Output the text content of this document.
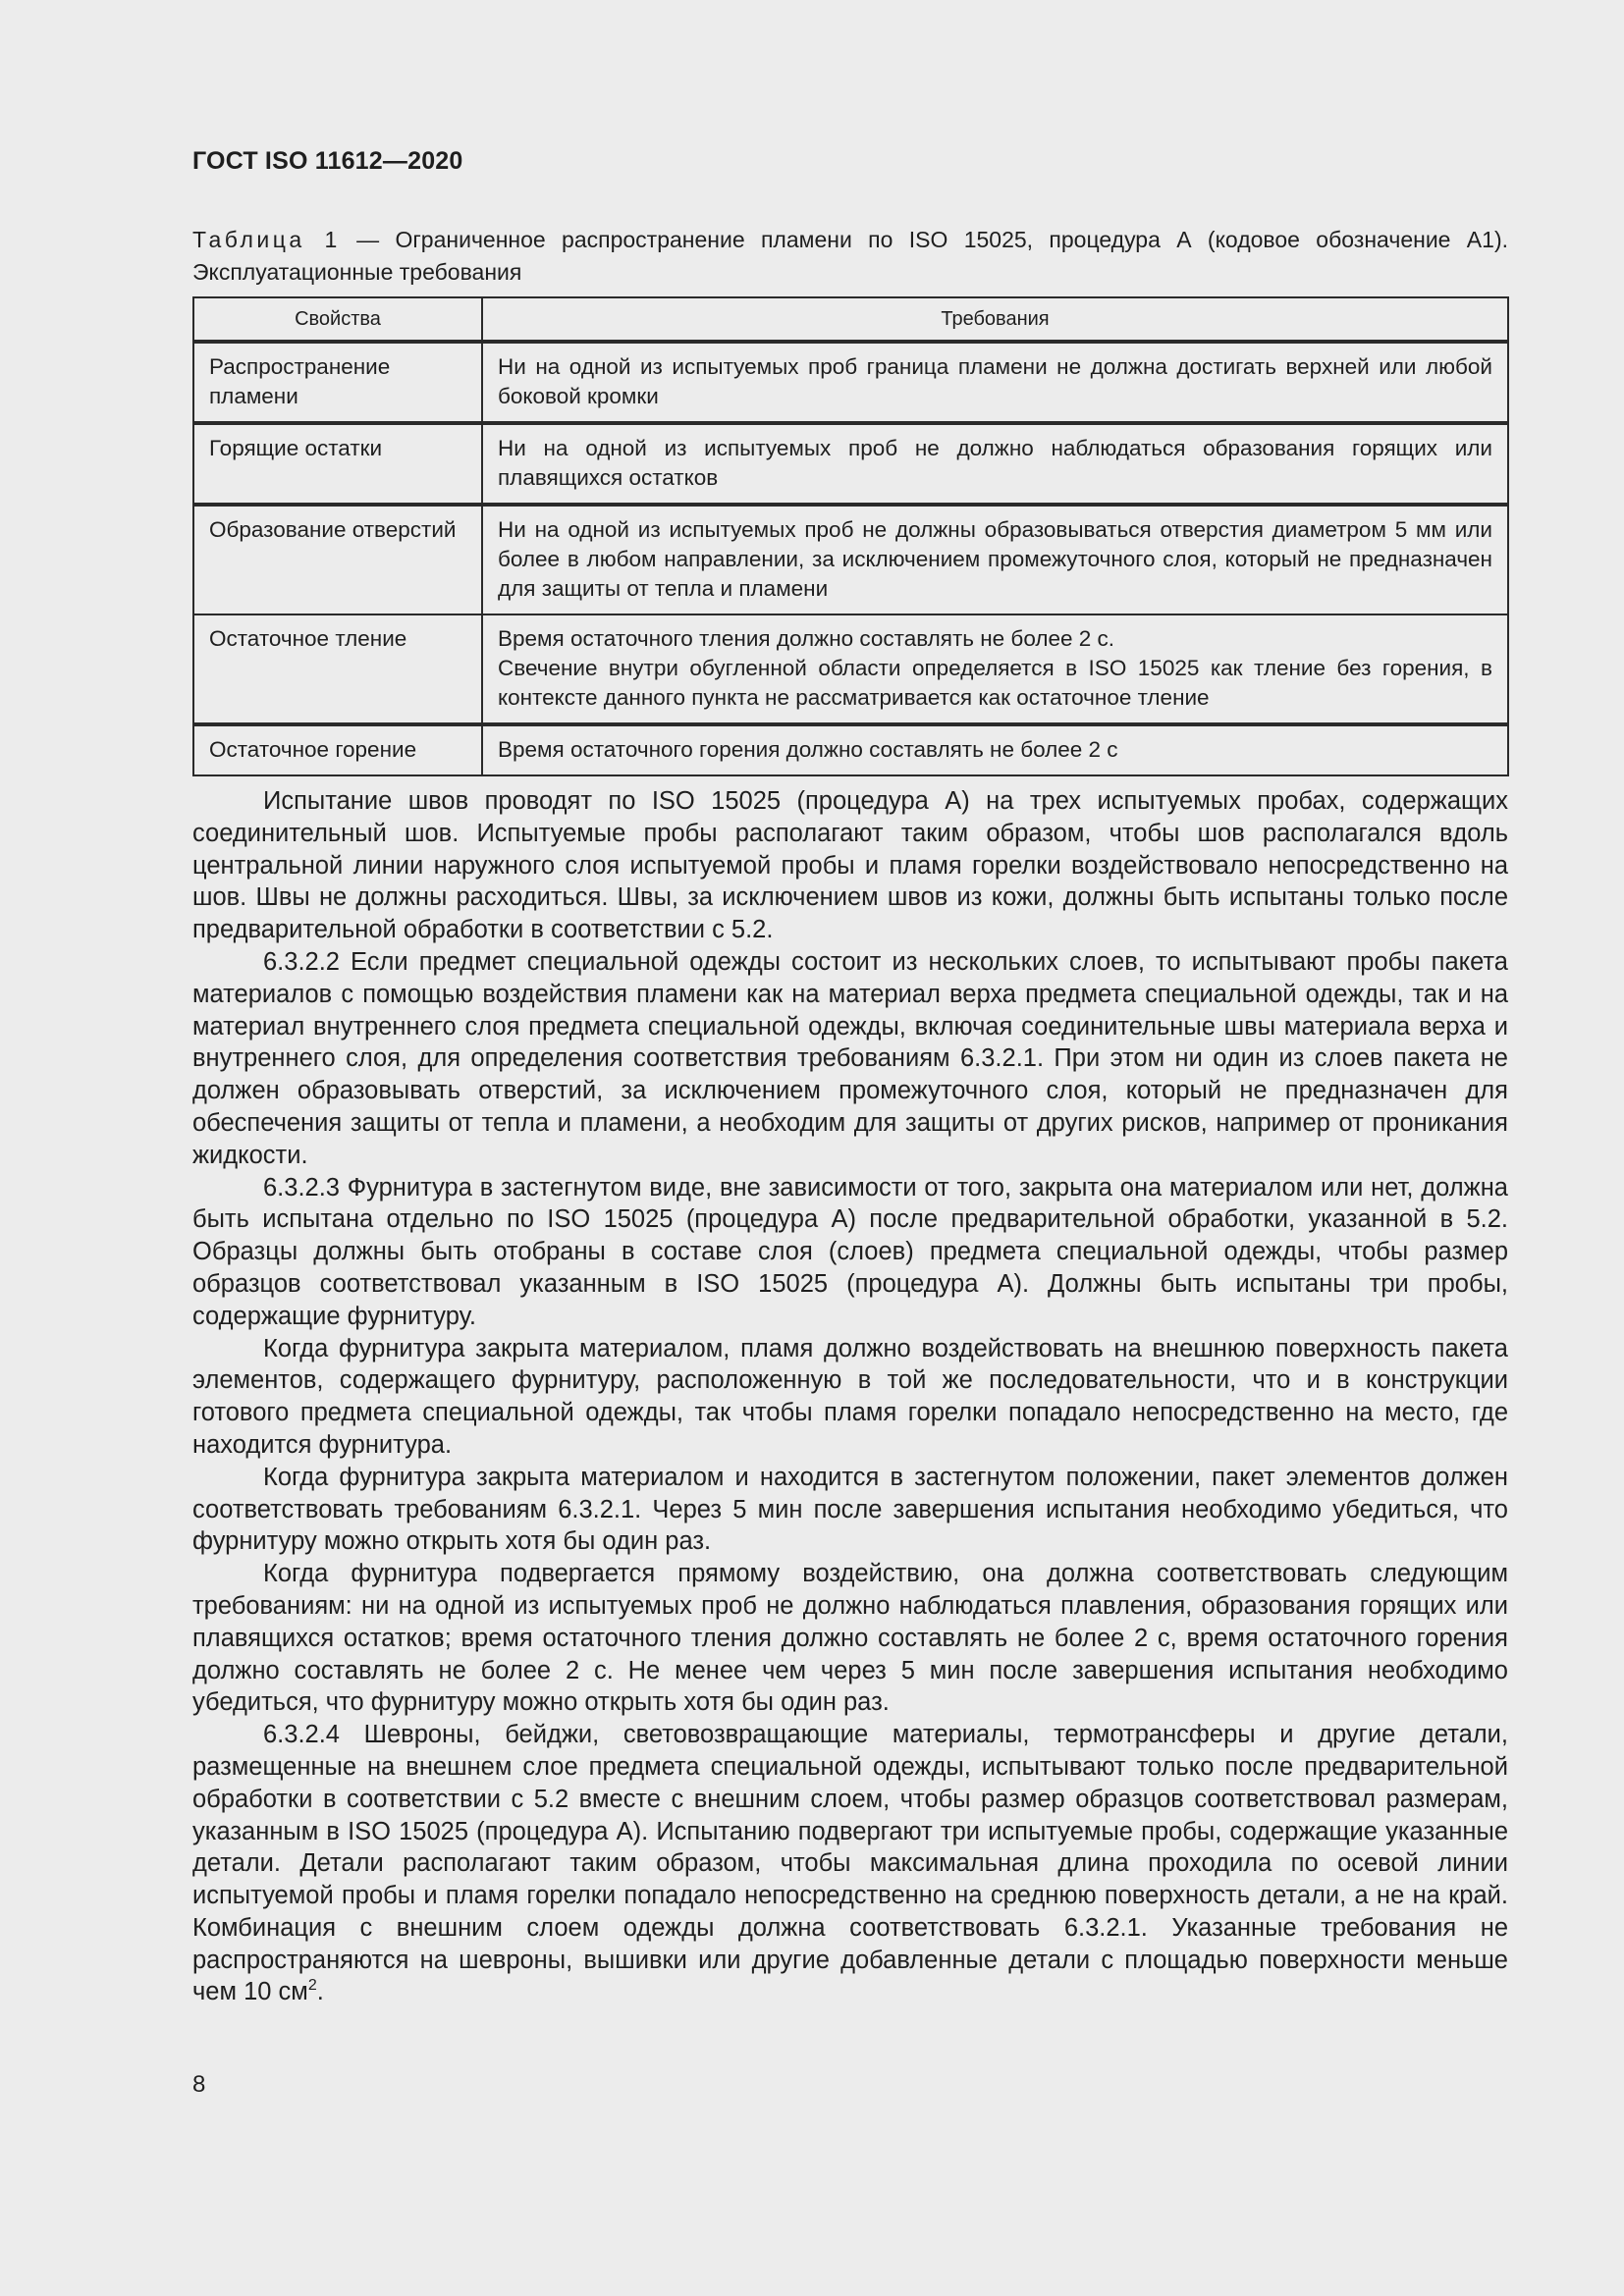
ГОСТ ISO 11612—2020
Таблица 1 — Ограниченное распространение пламени по ISO 15025, процедура А (кодовое обозначение А1). Эксплуатационные требования
Свойства	Требования
Распространение пламени	Ни на одной из испытуемых проб граница пламени не должна достигать верхней или любой боковой кромки
Горящие остатки	Ни на одной из испытуемых проб не должно наблюдаться образования горящих или плавящихся остатков
Образование отверстий	Ни на одной из испытуемых проб не должны образовываться отверстия диаметром 5 мм или более в любом направлении, за исключением промежуточного слоя, который не предназначен для защиты от тепла и пламени
Остаточное тление	Время остаточного тления должно составлять не более 2 с.
Свечение внутри обугленной области определяется в ISO 15025 как тление без горения, в контексте данного пункта не рассматривается как остаточное тление

Остаточное горение	Время остаточного горения должно составлять не более 2 с

Испытание швов проводят по ISO 15025 (процедура А) на трех испытуемых пробах, содержащих соединительный шов. Испытуемые пробы располагают таким образом, чтобы шов располагался вдоль центральной линии наружного слоя испытуемой пробы и пламя горелки воздействовало непосредственно на шов. Швы не должны расходиться. Швы, за исключением швов из кожи, должны быть испытаны только после предварительной обработки в соответствии с 5.2.

6.3.2.2 Если предмет специальной одежды состоит из нескольких слоев, то испытывают пробы пакета материалов с помощью воздействия пламени как на материал верха предмета специальной одежды, так и на материал внутреннего слоя предмета специальной одежды, включая соединительные швы материала верха и внутреннего слоя, для определения соответствия требованиям 6.3.2.1. При этом ни один из слоев пакета не должен образовывать отверстий, за исключением промежуточного слоя, который не предназначен для обеспечения защиты от тепла и пламени, а необходим для защиты от других рисков, например от проникания жидкости.

6.3.2.3 Фурнитура в застегнутом виде, вне зависимости от того, закрыта она материалом или нет, должна быть испытана отдельно по ISO 15025 (процедура А) после предварительной обработки, указанной в 5.2. Образцы должны быть отобраны в составе слоя (слоев) предмета специальной одежды, чтобы размер образцов соответствовал указанным в ISO 15025 (процедура А). Должны быть испытаны три пробы, содержащие фурнитуру.

Когда фурнитура закрыта материалом, пламя должно воздействовать на внешнюю поверхность пакета элементов, содержащего фурнитуру, расположенную в той же последовательности, что и в конструкции готового предмета специальной одежды, так чтобы пламя горелки попадало непосредственно на место, где находится фурнитура.

Когда фурнитура закрыта материалом и находится в застегнутом положении, пакет элементов должен соответствовать требованиям 6.3.2.1. Через 5 мин после завершения испытания необходимо убедиться, что фурнитуру можно открыть хотя бы один раз.

Когда фурнитура подвергается прямому воздействию, она должна соответствовать следующим требованиям: ни на одной из испытуемых проб не должно наблюдаться плавления, образования горящих или плавящихся остатков; время остаточного тления должно составлять не более 2 с, время остаточного горения должно составлять не более 2 с. Не менее чем через 5 мин после завершения испытания необходимо убедиться, что фурнитуру можно открыть хотя бы один раз.

6.3.2.4 Шевроны, бейджи, световозвращающие материалы, термотрансферы и другие детали, размещенные на внешнем слое предмета специальной одежды, испытывают только после предварительной обработки в соответствии с 5.2 вместе с внешним слоем, чтобы размер образцов соответствовал размерам, указанным в ISO 15025 (процедура А). Испытанию подвергают три испытуемые пробы, содержащие указанные детали. Детали располагают таким образом, чтобы максимальная длина проходила по осевой линии испытуемой пробы и пламя горелки попадало непосредственно на среднюю поверхность детали, а не на край. Комбинация с внешним слоем одежды должна соответствовать 6.3.2.1. Указанные требования не распространяются на шевроны, вышивки или другие добавленные детали с площадью поверхности меньше чем 10 $см^2$.

8
